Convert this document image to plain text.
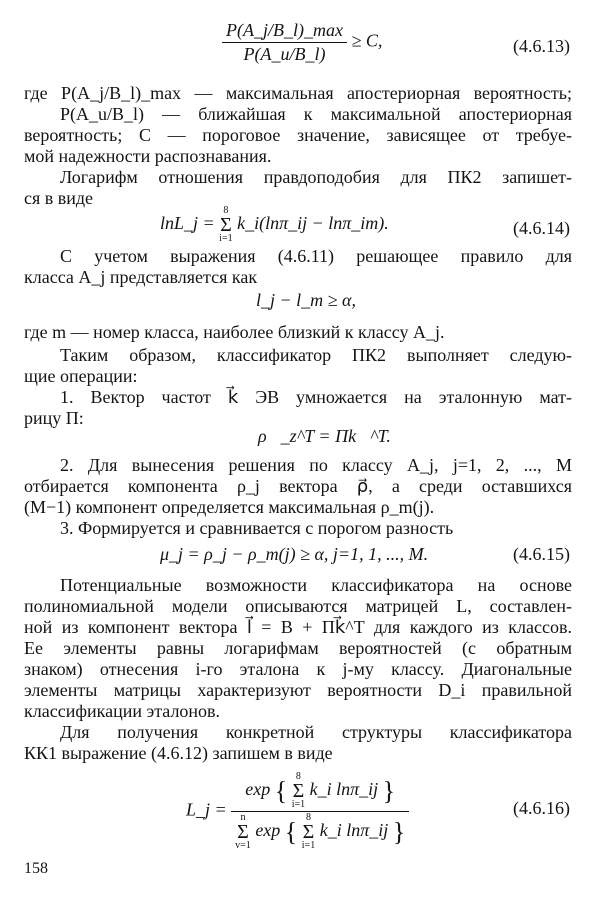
$\frac{P(A\_j/B\_l)\_\max}{P(A\_u/B\_l)} \ge C$,	(4.6.13)
где P(A_j/B_l)_max — максимальная апостериорная вероятность;
P(A_u/B_l) — ближайшая к максимальной апостериорная
вероятность; C — пороговое значение, зависящее от требуе-
мой надежности распознавания.
Логарифм отношения правдоподобия для ПК2 запишет-
ся в виде
lnL_j =
8
Σ
i=1
k_i(lnπ_ij − lnπ_im).	(4.6.14)
С учетом выражения (4.6.11) решающее правило для
класса A_j представляется как
l_j − l_m ≥ α,
где m — номер класса, наиболее близкий к классу A_j.
Таким образом, классификатор ПК2 выполняет следую-
щие операции:
1. Вектор частот k⃗ ЭВ умножается на эталонную мат-
рицу Π:
ρ⃗_z^T = Πk⃗^T.
2. Для вынесения решения по классу A_j, j=1, 2, ..., M
отбирается компонента ρ_j вектора ρ⃗, а среди оставшихся
(M−1) компонент определяется максимальная ρ_m(j).
3. Формируется и сравнивается с порогом разность
μ_j = ρ_j − ρ_m(j) ≥ α, j=1, 1, ..., M.	(4.6.15)
Потенциальные возможности классификатора на основе
полиномиальной модели описываются матрицей L, составлен-
ной из компонент вектора l⃗ = B + Πk⃗^T для каждого из классов.
Ее элементы равны логарифмам вероятностей (с обратным
знаком) отнесения i-го эталона к j-му классу. Диагональные
элементы матрицы характеризуют вероятности D_i правильной
классификации эталонов.
Для получения конкретной структуры классификатора
КК1 выражение (4.6.12) запишем в виде
L_j =
exp { 8
Σ
i=1
k_i lnπ_ij }
n
Σ
v=1
exp { 8
Σ
i=1
k_i lnπ_ij }
(4.6.16)
158
